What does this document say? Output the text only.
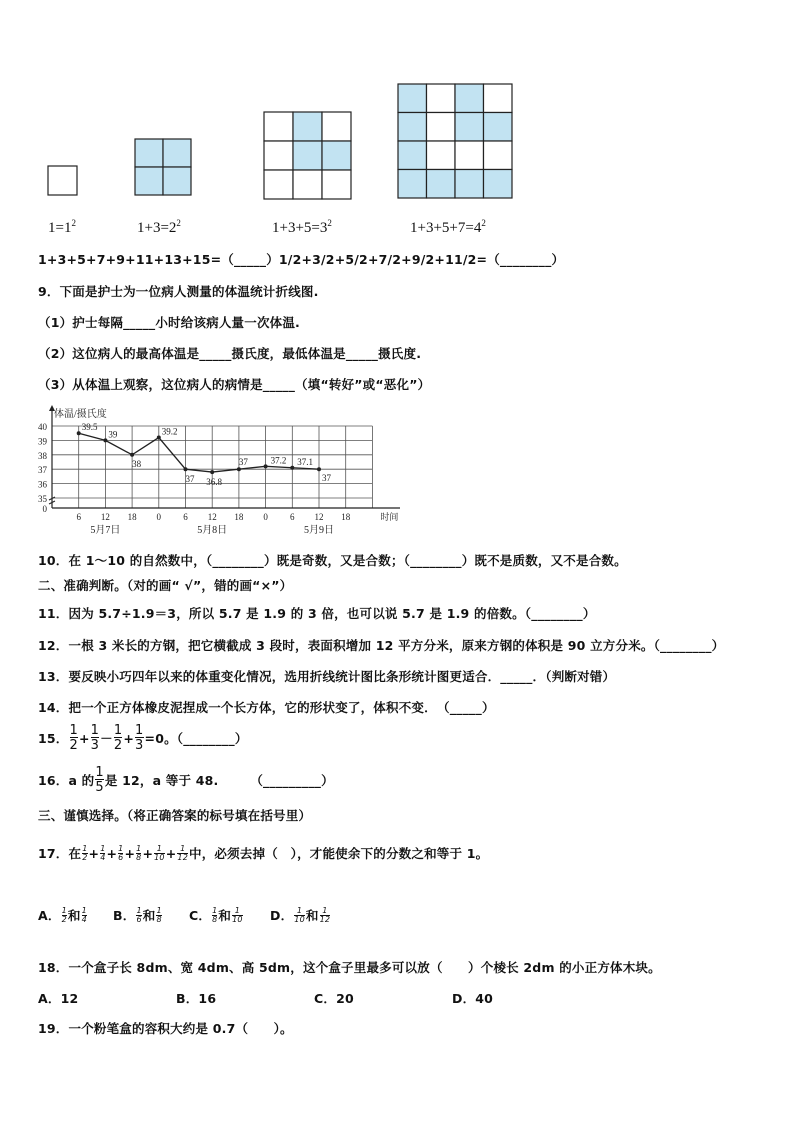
$1=1^2$	$1+3=2^2$	$1+3+5=3^2$	$1+3+5+7=4^2$
1+3+5+7+9+11+13+15=（_____）1/2+3/2+5/2+7/2+9/2+11/2=（________）
9．下面是护士为一位病人测量的体温统计折线图.
（1）护士每隔_____小时给该病人量一次体温.
（2）这位病人的最高体温是_____摄氏度，最低体温是_____摄氏度.
（3）从体温上观察，这位病人的病情是_____（填“转好”或“恶化”）
0
35
36
37
38
39
40
体温/摄氏度
6 12 18 0 6 12 18 0 6 12 18	时间
5月7日	5月8日	5月9日
39.5
39
38
39.2
37 36.8
37	37.2 37.1
37
10．在 1～10 的自然数中，（________）既是奇数，又是合数；（________）既不是质数，又不是合数。
二、准确判断。（对的画“ √”，错的画“×”）
11．因为 5.7÷1.9＝3，所以 5.7 是 1.9 的 3 倍，也可以说 5.7 是 1.9 的倍数。（________）
12．一根 3 米长的方钢，把它横截成 3 段时，表面积增加 12 平方分米，原来方钢的体积是 90 立方分米。（________）
13．要反映小巧四年以来的体重变化情况，选用折线统计图比条形统计图更适合．_____．（判断对错）
14．把一个正方体橡皮泥捏成一个长方体，它的形状变了，体积不变．　（_____）
15． $\frac{1}{2} + \frac{1}{3} - \frac{1}{2} + \frac{1}{3} =0$。（________）
16．a 的 $\frac{1}{5}$ 是 12，a 等于 48.　　　（_________）
三、谨慎选择。（将正确答案的标号填在括号里）
17．在 1
2 + 1
4 + 1
6 + 1
8 + 1
10 + 1
12 中，必须去掉（　），才能使余下的分数之和等于 1。
A． 1
2 和 1
4 B． 1
6 和 1
8 C． 1
8 和 1
10 D． 1
10 和 1
12
18．一个盒子长 8dm、宽 4dm、高 5dm，这个盒子里最多可以放（　　）个棱长 2dm 的小正方体木块。
A．12	B．16	C．20	D．40
19．一个粉笔盒的容积大约是 0.7（　　）。
